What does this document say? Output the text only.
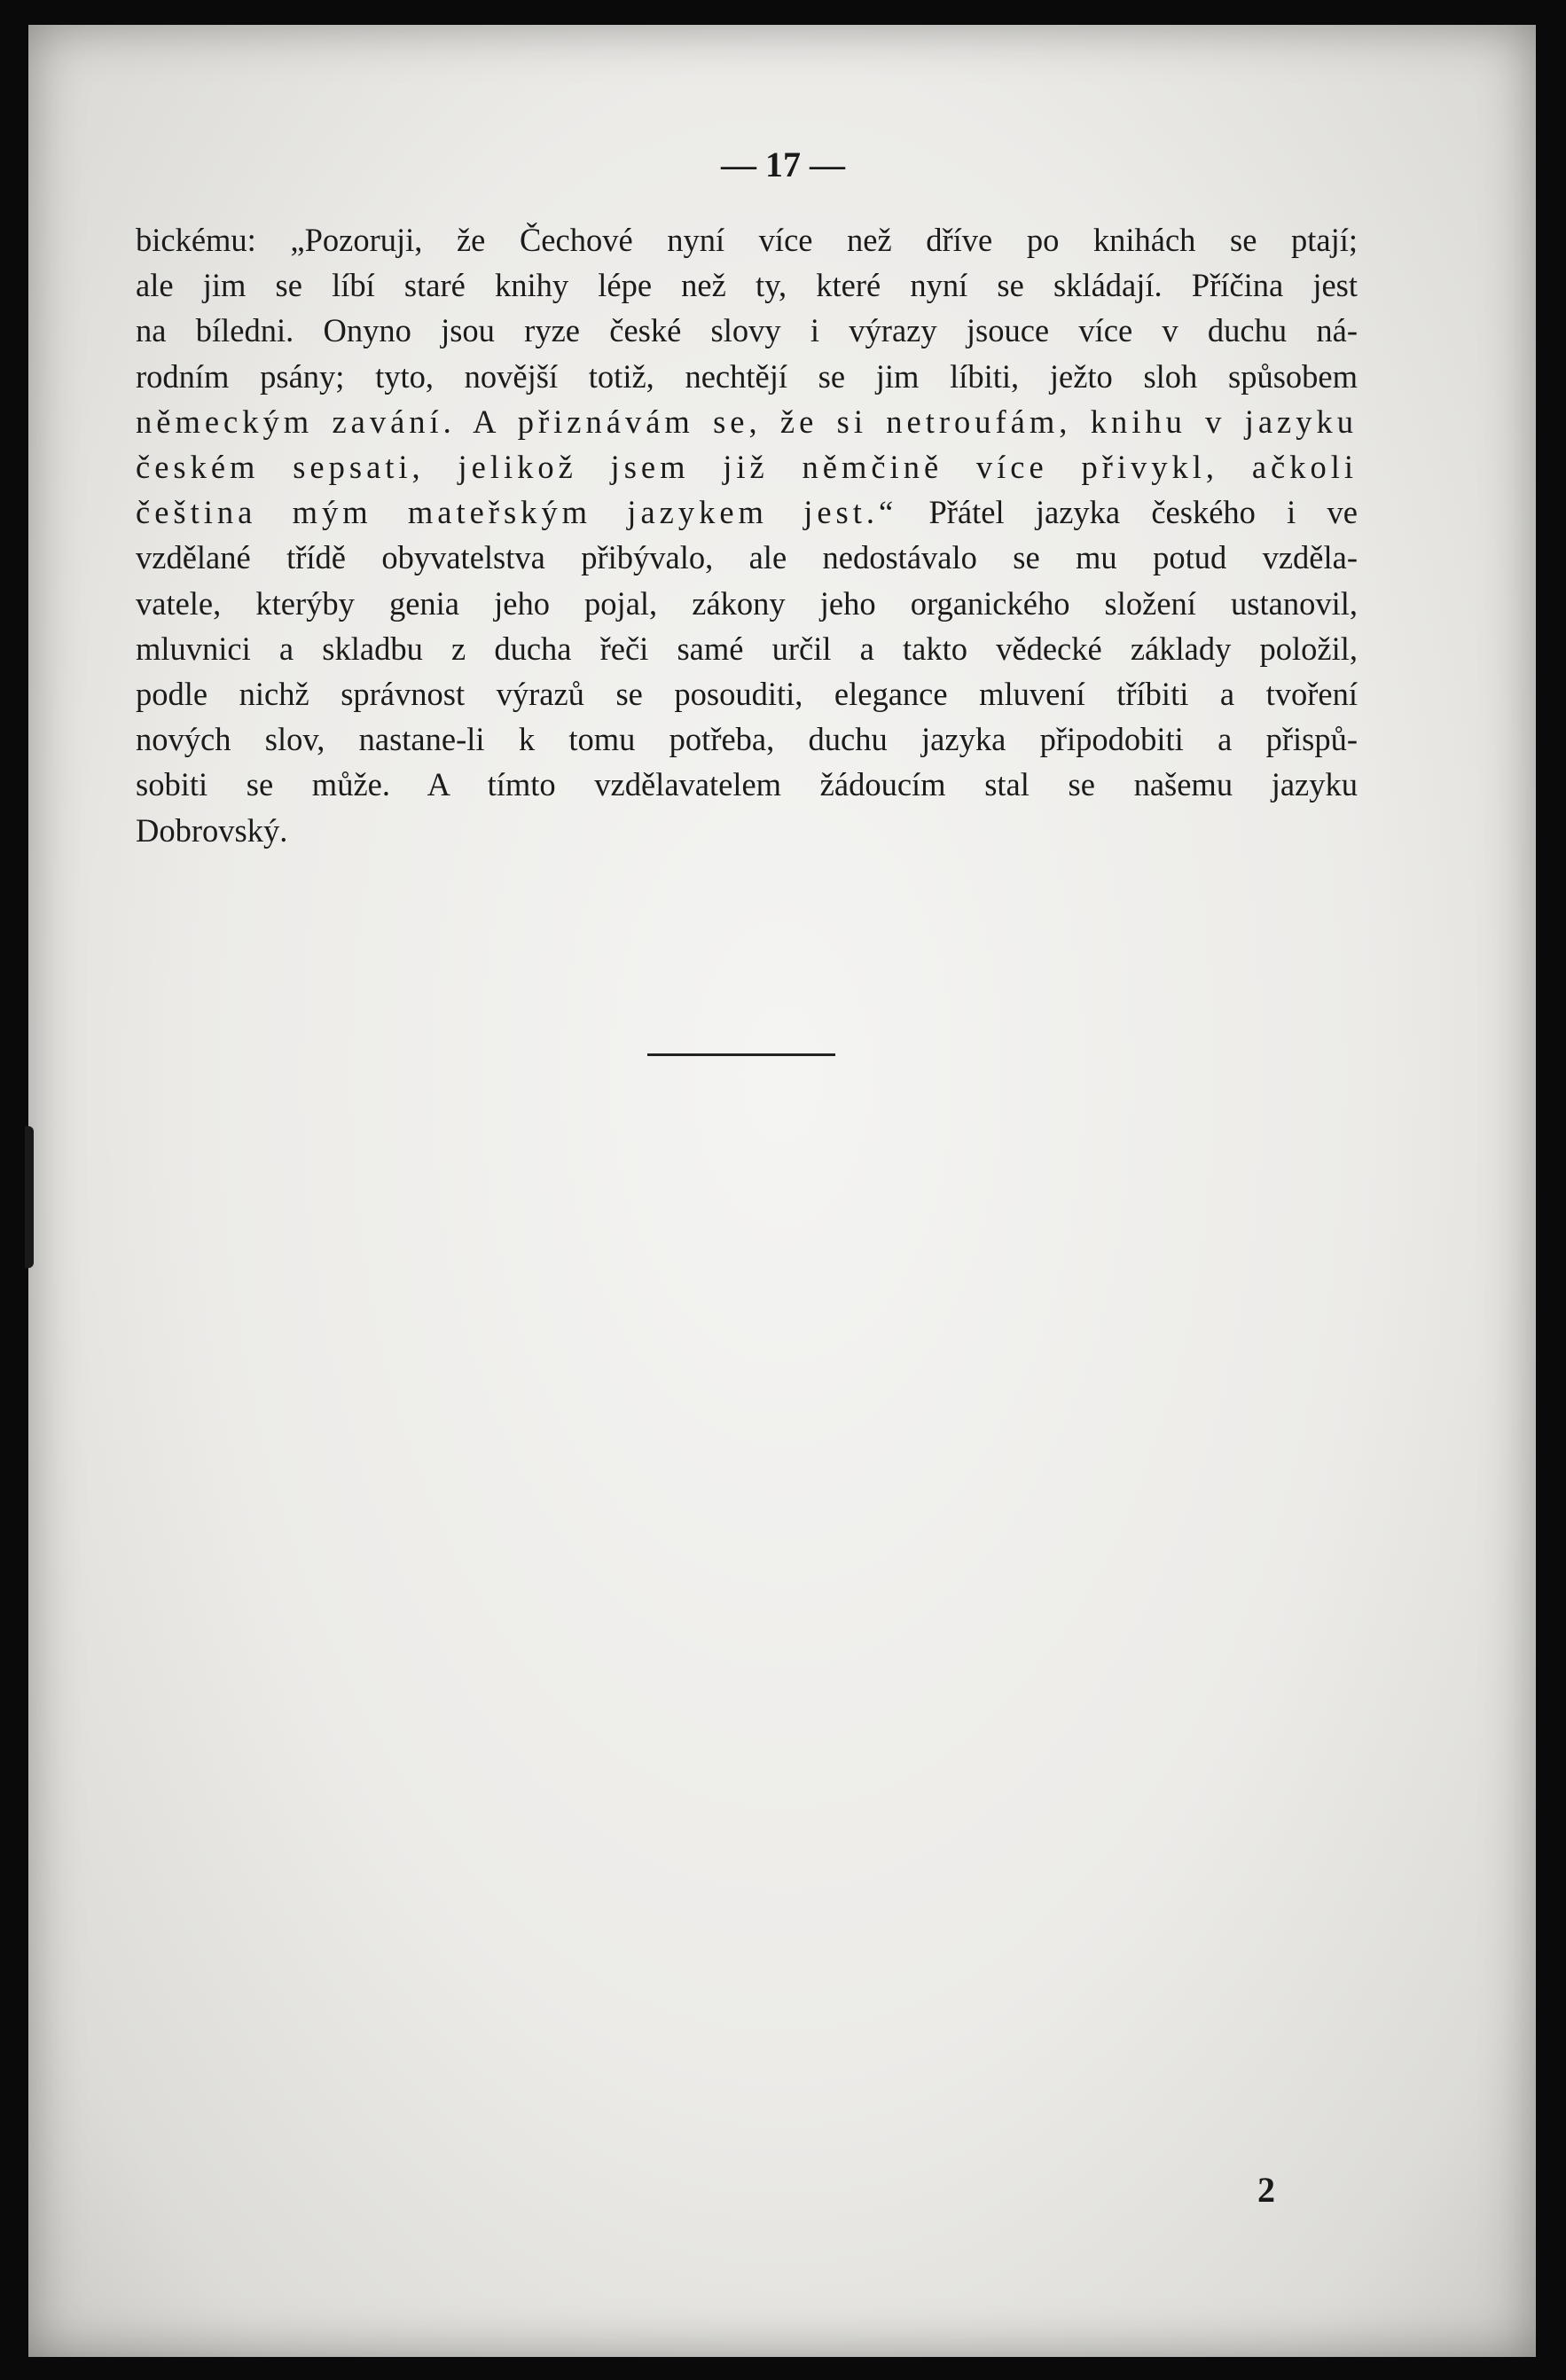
— 17 —
bickému: „Pozoruji, že Čechové nyní více než dříve po knihách se ptají;
ale jim se líbí staré knihy lépe než ty, které nyní se skládají. Příčina jest
na bíledni. Onyno jsou ryze české slovy i výrazy jsouce více v duchu ná-
rodním psány; tyto, novější totiž, nechtějí se jim líbiti, ježto sloh spůsobem
německým zavání. A přiznávám se, že si netroufám, knihu v jazyku
českém sepsati, jelikož jsem již němčině více přivykl, ačkoli
čeština mým mateřským jazykem jest.“ Přátel jazyka českého i ve
vzdělané třídě obyvatelstva přibývalo, ale nedostávalo se mu potud vzděla-
vatele, kterýby genia jeho pojal, zákony jeho organického složení ustanovil,
mluvnici a skladbu z ducha řeči samé určil a takto vědecké základy položil,
podle nichž správnost výrazů se posouditi, elegance mluvení tříbiti a tvoření
nových slov, nastane-li k tomu potřeba, duchu jazyka připodobiti a přispů-
sobiti se může. A tímto vzdělavatelem žádoucím stal se našemu jazyku
Dobrovský.
2
